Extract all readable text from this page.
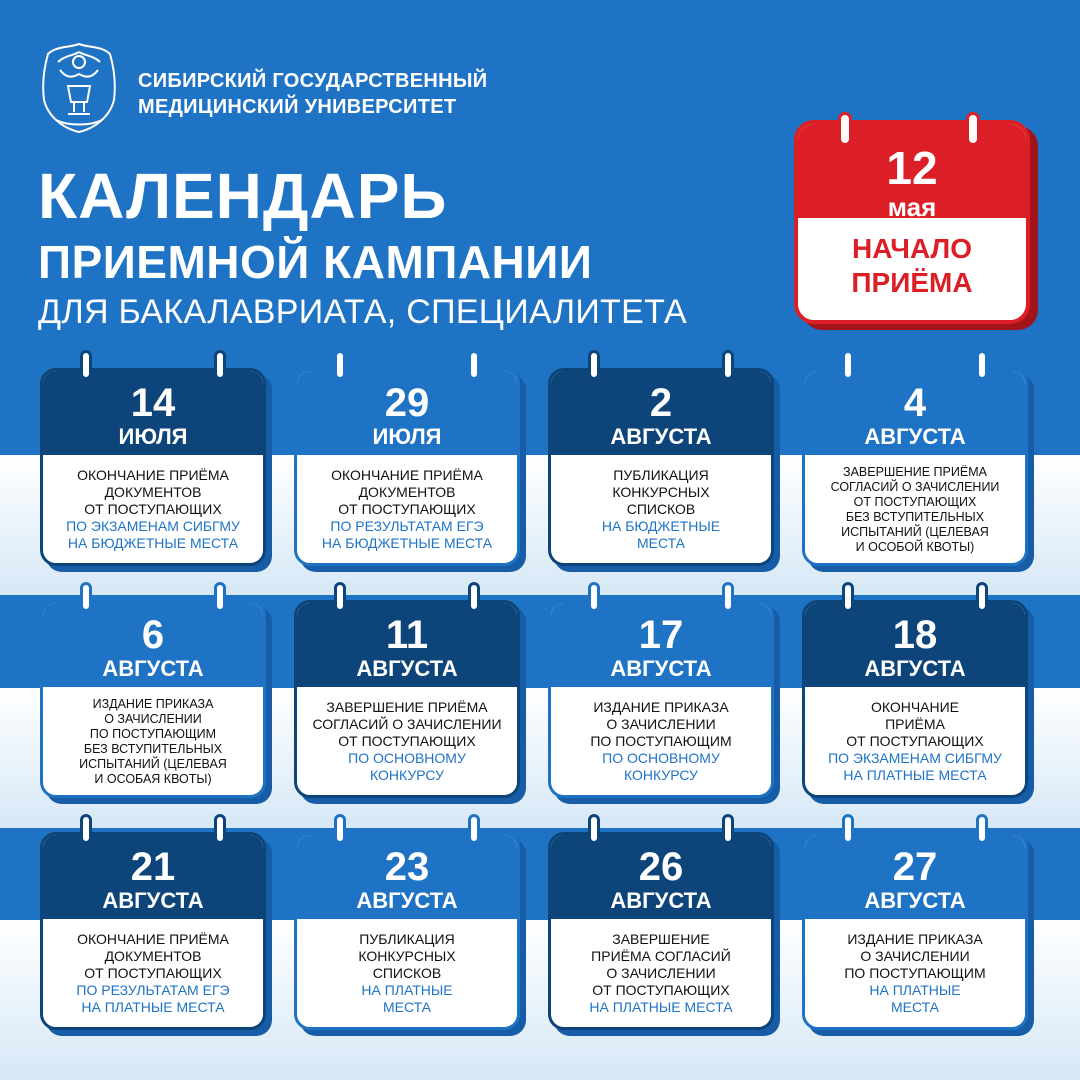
СИБИРСКИЙ ГОСУДАРСТВЕННЫЙ
МЕДИЦИНСКИЙ УНИВЕРСИТЕТ
КАЛЕНДАРЬ
ПРИЕМНОЙ КАМПАНИИ
ДЛЯ БАКАЛАВРИАТА, СПЕЦИАЛИТЕТА
12
мая
НАЧАЛО
ПРИЁМА
14
ИЮЛЯ
ОКОНЧАНИЕ ПРИЁМА
ДОКУМЕНТОВ
ОТ ПОСТУПАЮЩИХ
ПО ЭКЗАМЕНАМ СИБГМУ
НА БЮДЖЕТНЫЕ МЕСТА
29
ИЮЛЯ
ОКОНЧАНИЕ ПРИЁМА
ДОКУМЕНТОВ
ОТ ПОСТУПАЮЩИХ
ПО РЕЗУЛЬТАТАМ ЕГЭ
НА БЮДЖЕТНЫЕ МЕСТА
2
АВГУСТА
ПУБЛИКАЦИЯ
КОНКУРСНЫХ
СПИСКОВ
НА БЮДЖЕТНЫЕ
МЕСТА
4
АВГУСТА
ЗАВЕРШЕНИЕ ПРИЁМА
СОГЛАСИЙ О ЗАЧИСЛЕНИИ
ОТ ПОСТУПАЮЩИХ
БЕЗ ВСТУПИТЕЛЬНЫХ
ИСПЫТАНИЙ (ЦЕЛЕВАЯ
И ОСОБОЙ КВОТЫ)
6
АВГУСТА
ИЗДАНИЕ ПРИКАЗА
О ЗАЧИСЛЕНИИ
ПО ПОСТУПАЮЩИМ
БЕЗ ВСТУПИТЕЛЬНЫХ
ИСПЫТАНИЙ (ЦЕЛЕВАЯ
И ОСОБАЯ КВОТЫ)
11
АВГУСТА
ЗАВЕРШЕНИЕ ПРИЁМА
СОГЛАСИЙ О ЗАЧИСЛЕНИИ
ОТ ПОСТУПАЮЩИХ
ПО ОСНОВНОМУ
КОНКУРСУ
17
АВГУСТА
ИЗДАНИЕ ПРИКАЗА
О ЗАЧИСЛЕНИИ
ПО ПОСТУПАЮЩИМ
ПО ОСНОВНОМУ
КОНКУРСУ
18
АВГУСТА
ОКОНЧАНИЕ
ПРИЁМА
ОТ ПОСТУПАЮЩИХ
ПО ЭКЗАМЕНАМ СИБГМУ
НА ПЛАТНЫЕ МЕСТА
21
АВГУСТА
ОКОНЧАНИЕ ПРИЁМА
ДОКУМЕНТОВ
ОТ ПОСТУПАЮЩИХ
ПО РЕЗУЛЬТАТАМ ЕГЭ
НА ПЛАТНЫЕ МЕСТА
23
АВГУСТА
ПУБЛИКАЦИЯ
КОНКУРСНЫХ
СПИСКОВ
НА ПЛАТНЫЕ
МЕСТА
26
АВГУСТА
ЗАВЕРШЕНИЕ
ПРИЁМА СОГЛАСИЙ
О ЗАЧИСЛЕНИИ
ОТ ПОСТУПАЮЩИХ
НА ПЛАТНЫЕ МЕСТА
27
АВГУСТА
ИЗДАНИЕ ПРИКАЗА
О ЗАЧИСЛЕНИИ
ПО ПОСТУПАЮЩИМ
НА ПЛАТНЫЕ
МЕСТА
